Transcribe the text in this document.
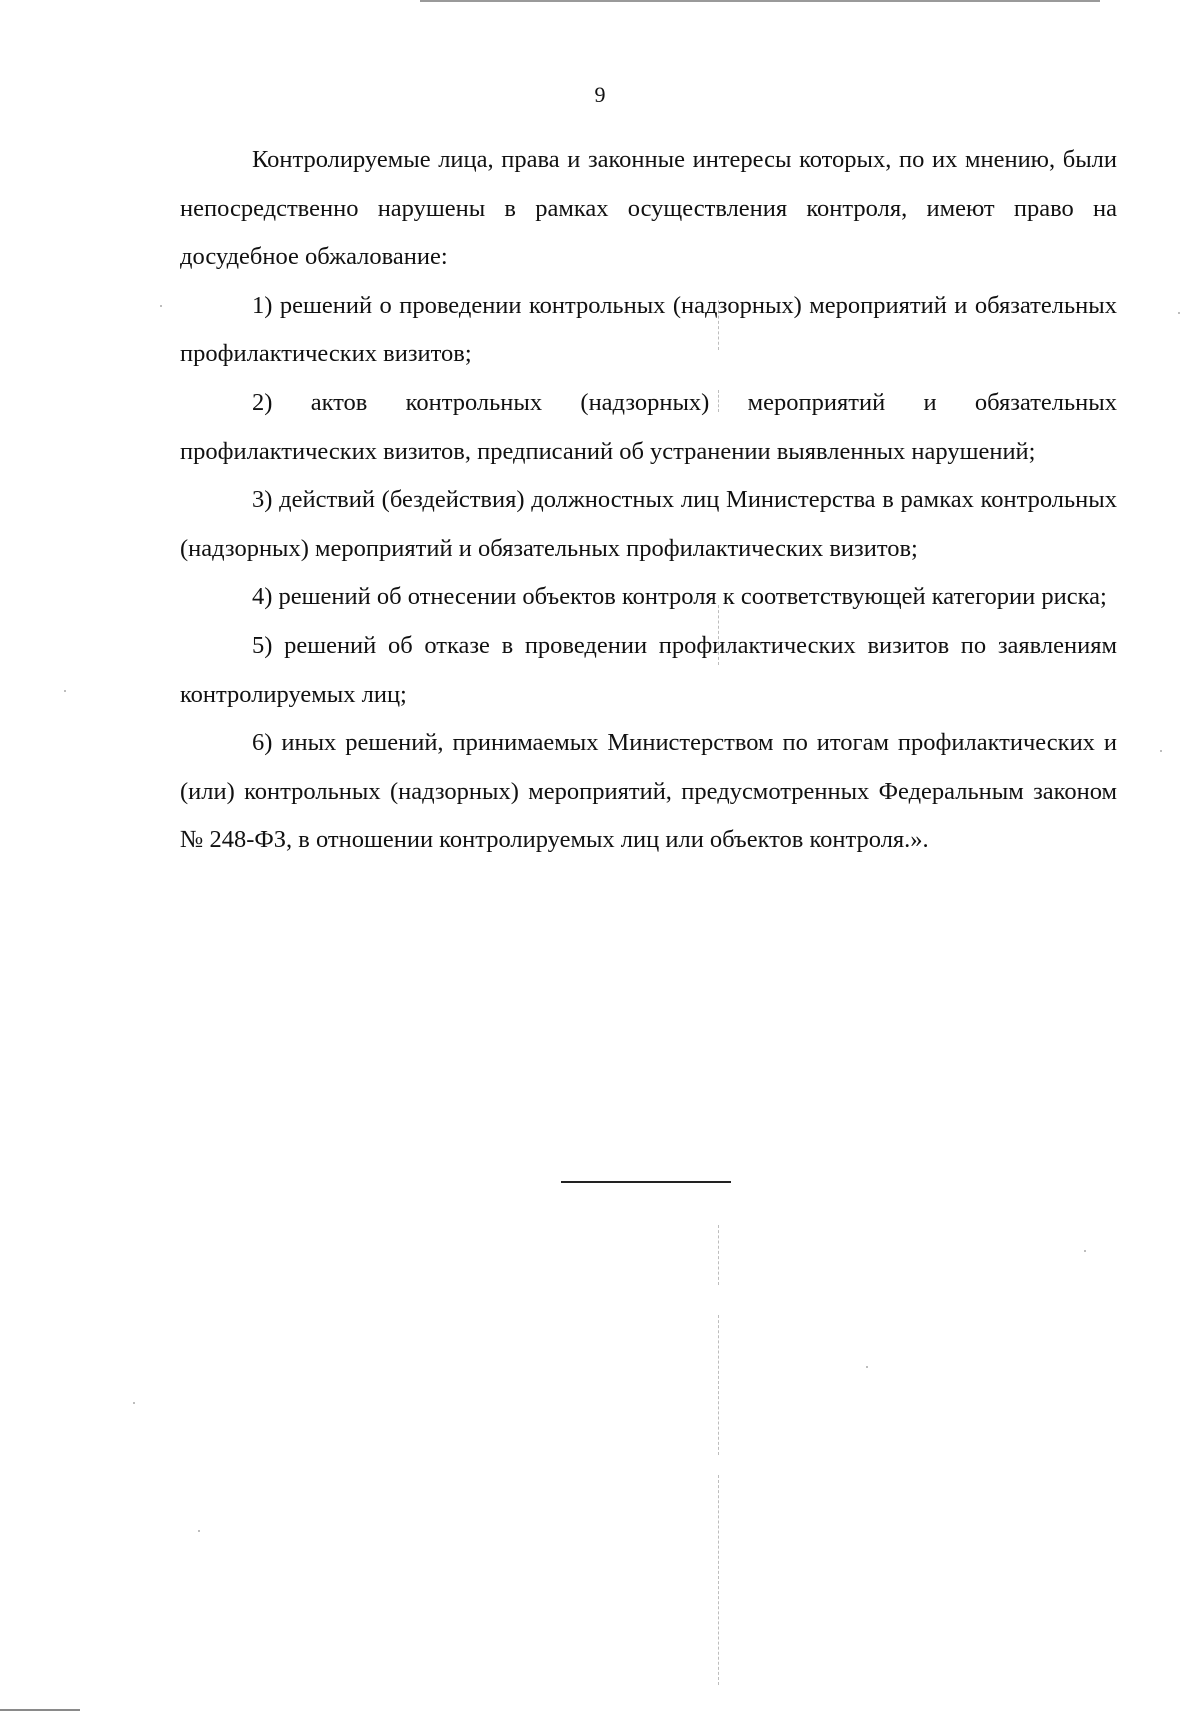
9

Контролируемые лица, права и законные интересы которых, по их мнению, были непосредственно нарушены в рамках осуществления контроля, имеют право на досудебное обжалование:

1) решений о проведении контрольных (надзорных) мероприятий и обязательных профилактических визитов;

2) актов контрольных (надзорных) мероприятий и обязательных профилактических визитов, предписаний об устранении выявленных нарушений;

3) действий (бездействия) должностных лиц Министерства в рамках контрольных (надзорных) мероприятий и обязательных профилактических визитов;

4) решений об отнесении объектов контроля к соответствующей категории риска;

5) решений об отказе в проведении профилактических визитов по заявлениям контролируемых лиц;

6) иных решений, принимаемых Министерством по итогам профилактических и (или) контрольных (надзорных) мероприятий, предусмотренных Федеральным законом № 248-ФЗ, в отношении контролируемых лиц или объектов контроля.».
